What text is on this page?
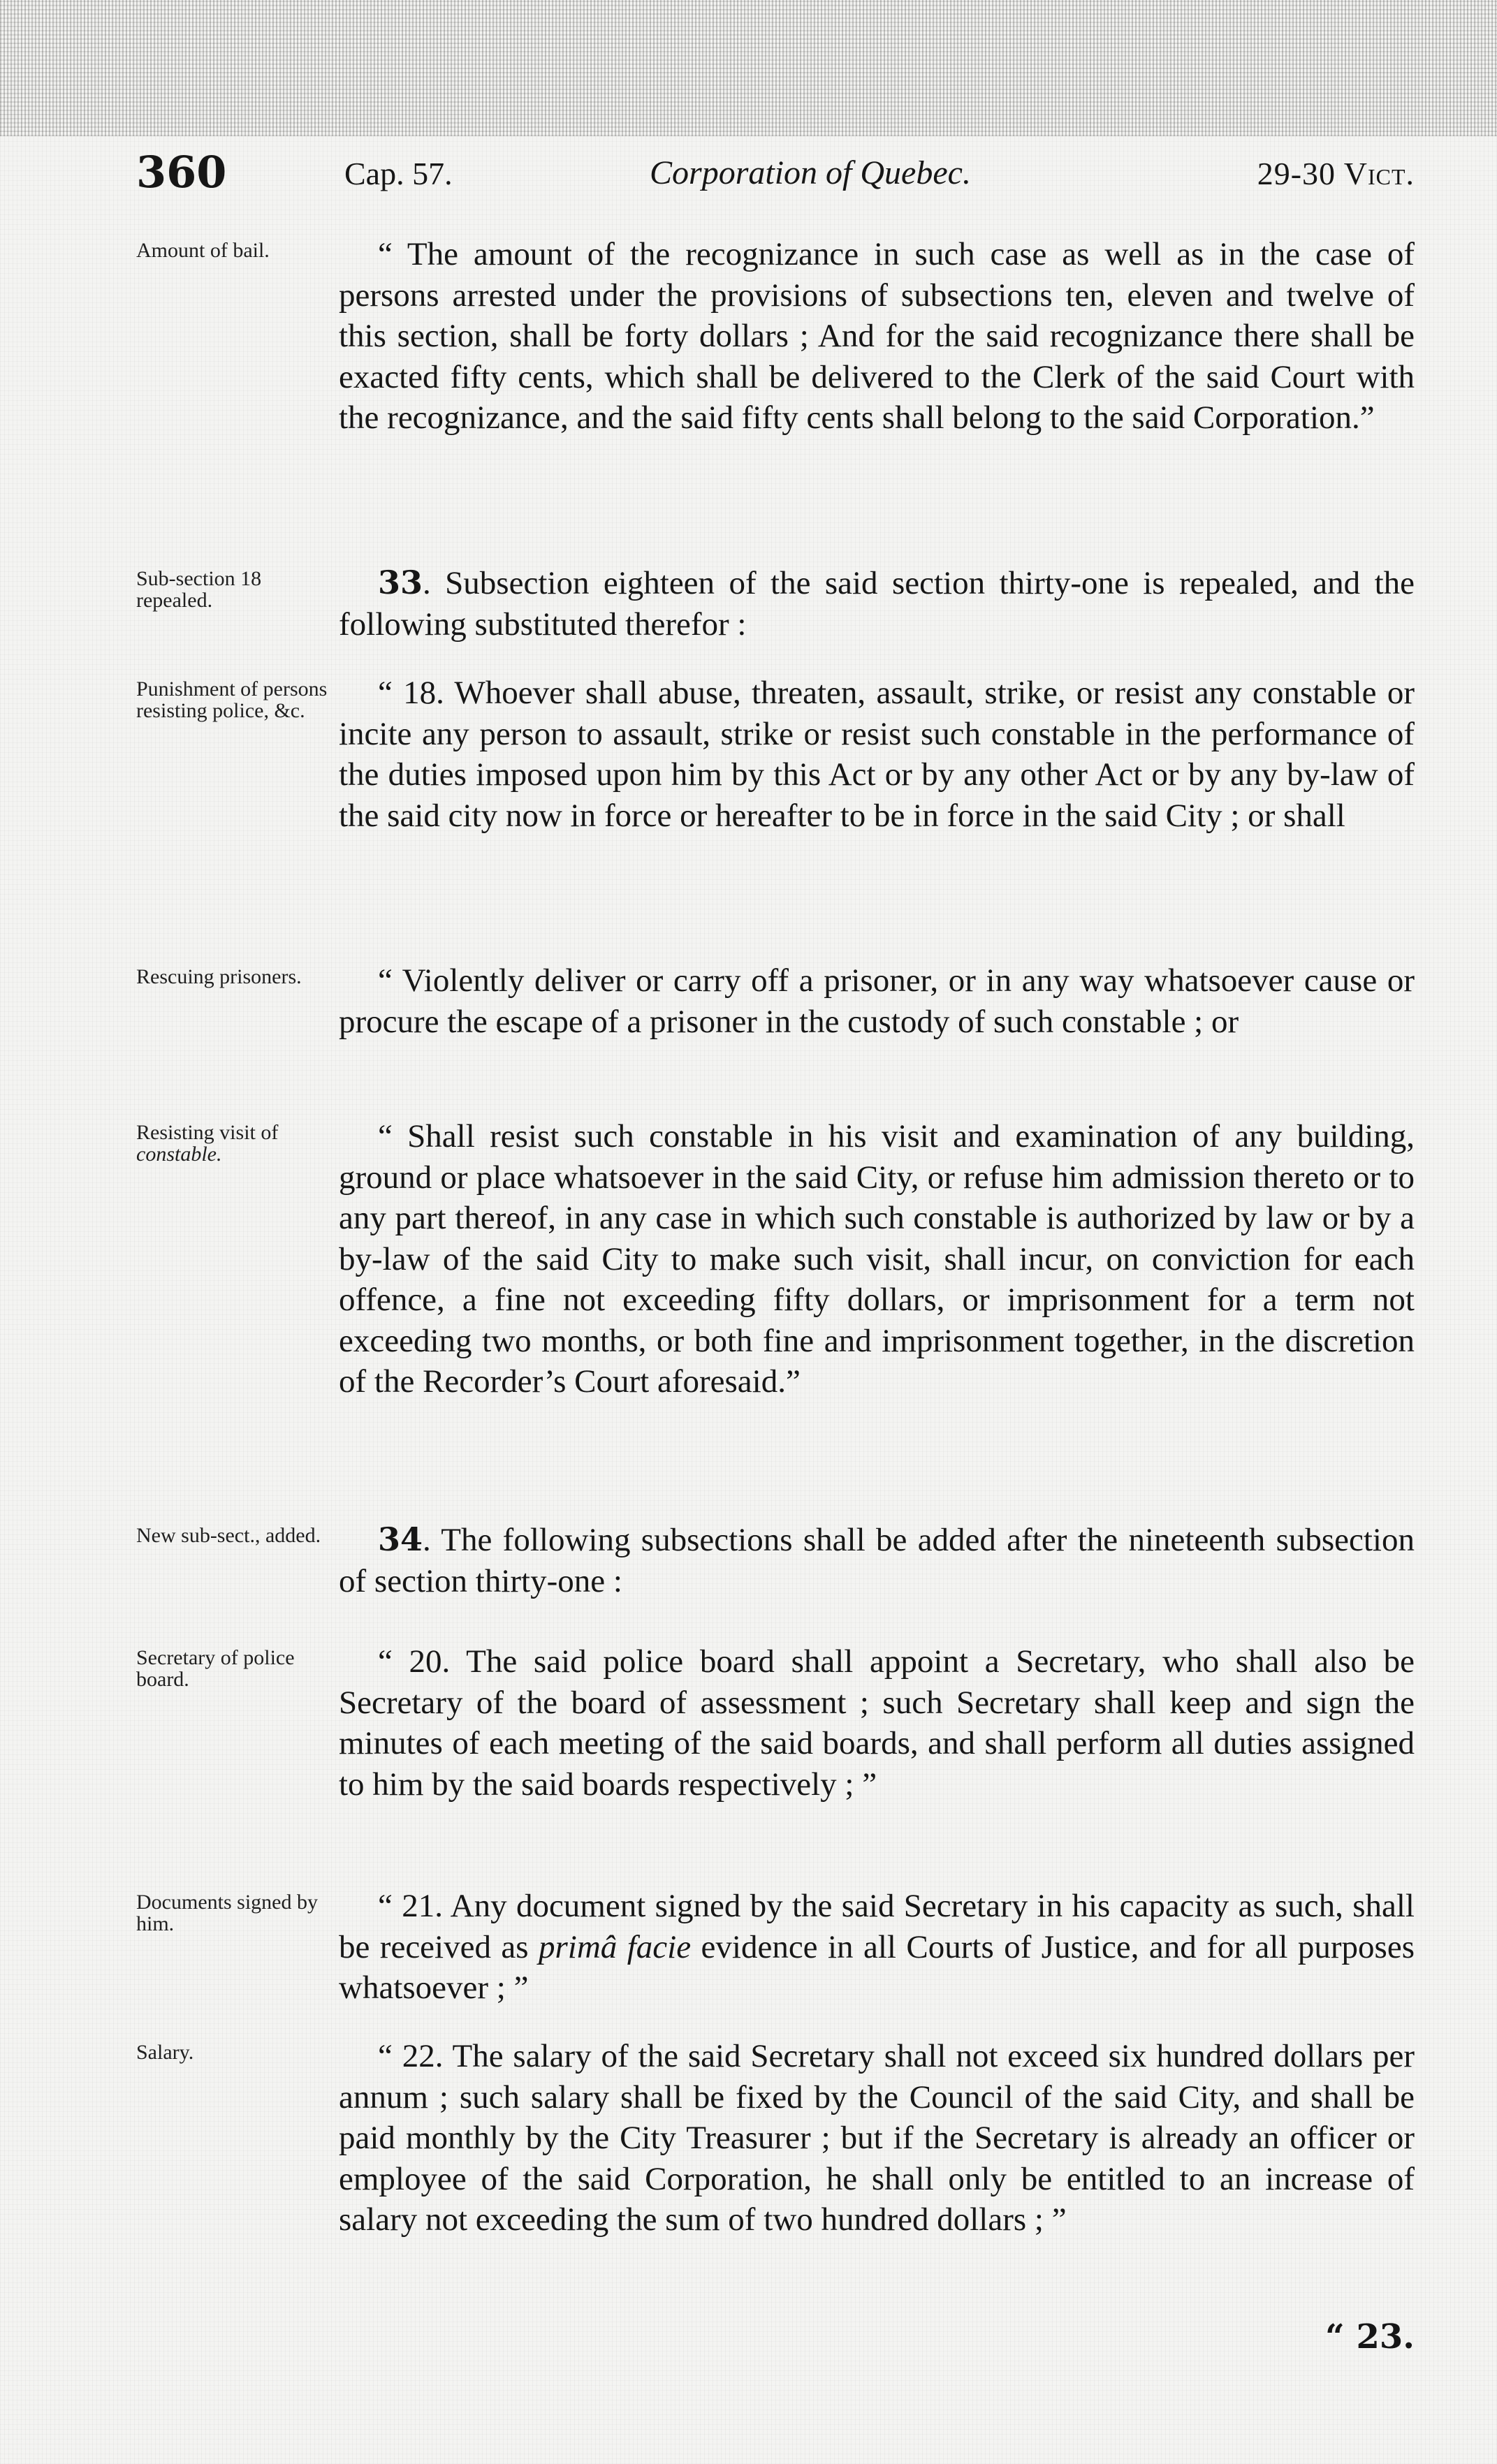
360	Cap. 57.	Corporation of Quebec.	29-30 Vict.
Amount of bail.	“ The amount of the recognizance in such case as well as in the case of persons arrested under the provisions of subsections ten, eleven and twelve of this section, shall be forty dollars ; And for the said recognizance there shall be exacted fifty cents, which shall be delivered to the Clerk of the said Court with the recognizance, and the said fifty cents shall belong to the said Corporation.”

Sub-section 18 repealed.	33. Subsection eighteen of the said section thirty-one is repealed, and the following substituted therefor :

Punishment of persons resisting police, &c.	“ 18. Whoever shall abuse, threaten, assault, strike, or resist any constable or incite any person to assault, strike or resist such constable in the performance of the duties imposed upon him by this Act or by any other Act or by any by-law of the said city now in force or hereafter to be in force in the said City ; or shall

Rescuing prisoners.	“ Violently deliver or carry off a prisoner, or in any way whatsoever cause or procure the escape of a prisoner in the custody of such constable ; or

Resisting visit of constable.	“ Shall resist such constable in his visit and examination of any building, ground or place whatsoever in the said City, or refuse him admission thereto or to any part thereof, in any case in which such constable is authorized by law or by a by-law of the said City to make such visit, shall incur, on conviction for each offence, a fine not exceeding fifty dollars, or imprisonment for a term not exceeding two months, or both fine and imprisonment together, in the discretion of the Recorder’s Court aforesaid.”

New sub-sect., added.	34. The following subsections shall be added after the nineteenth subsection of section thirty-one :

Secretary of police board.	“ 20. The said police board shall appoint a Secretary, who shall also be Secretary of the board of assessment ; such Secretary shall keep and sign the minutes of each meeting of the said boards, and shall perform all duties assigned to him by the said boards respectively ; ”

Documents signed by him.	“ 21. Any document signed by the said Secretary in his capacity as such, shall be received as primâ facie evidence in all Courts of Justice, and for all purposes whatsoever ; ”

Salary.	“ 22. The salary of the said Secretary shall not exceed six hundred dollars per annum ; such salary shall be fixed by the Council of the said City, and shall be paid monthly by the City Treasurer ; but if the Secretary is already an officer or employee of the said Corporation, he shall only be entitled to an increase of salary not exceeding the sum of two hundred dollars ; ”

“ 23.
